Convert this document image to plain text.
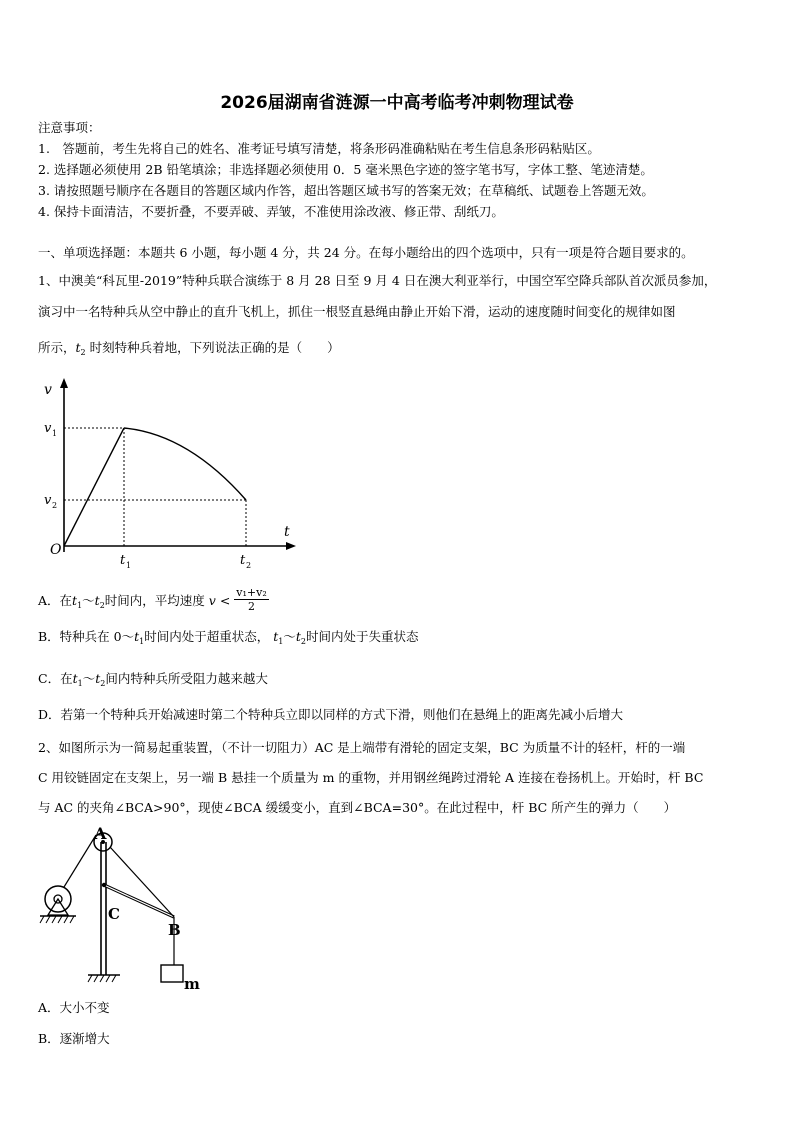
2026届湖南省涟源一中高考临考冲刺物理试卷
注意事项：
1.　答题前，考生先将自己的姓名、准考证号填写清楚，将条形码准确粘贴在考生信息条形码粘贴区。
2. 选择题必须使用 2B 铅笔填涂；非选择题必须使用 0．5 毫米黑色字迹的签字笔书写，字体工整、笔迹清楚。
3. 请按照题号顺序在各题目的答题区域内作答，超出答题区域书写的答案无效；在草稿纸、试题卷上答题无效。
4. 保持卡面清洁，不要折叠，不要弄破、弄皱，不准使用涂改液、修正带、刮纸刀。
一、单项选择题：本题共 6 小题，每小题 4 分，共 24 分。在每小题给出的四个选项中，只有一项是符合题目要求的。
1、中澳美“科瓦里-2019”特种兵联合演练于 8 月 28 日至 9 月 4 日在澳大利亚举行，中国空军空降兵部队首次派员参加，
演习中一名特种兵从空中静止的直升飞机上，抓住一根竖直悬绳由静止开始下滑，运动的速度随时间变化的规律如图
所示，$t_2$ 时刻特种兵着地，下列说法正确的是（　　）
v
t
O
v 1
v 2
t 1	t 2
A．在$t_1\sim t_2$时间内，平均速度 $v < \frac{\text{v₁+v₂}}{2}$
B．特种兵在 $0\sim t_1$时间内处于超重状态， $t_1\sim t_2$时间内处于失重状态
C．在$t_1\sim t_2$间内特种兵所受阻力越来越大
D．若第一个特种兵开始减速时第二个特种兵立即以同样的方式下滑，则他们在悬绳上的距离先减小后增大
2、如图所示为一简易起重装置，（不计一切阻力）AC 是上端带有滑轮的固定支架，BC 为质量不计的轻杆，杆的一端
C 用铰链固定在支架上，另一端 B 悬挂一个质量为 m 的重物，并用钢丝绳跨过滑轮 A 连接在卷扬机上。开始时，杆 BC
与 AC 的夹角∠BCA>90°，现使∠BCA 缓缓变小，直到∠BCA=30°。在此过程中，杆 BC 所产生的弹力（　　）
A
C
B
m
A．大小不变
B．逐渐增大
